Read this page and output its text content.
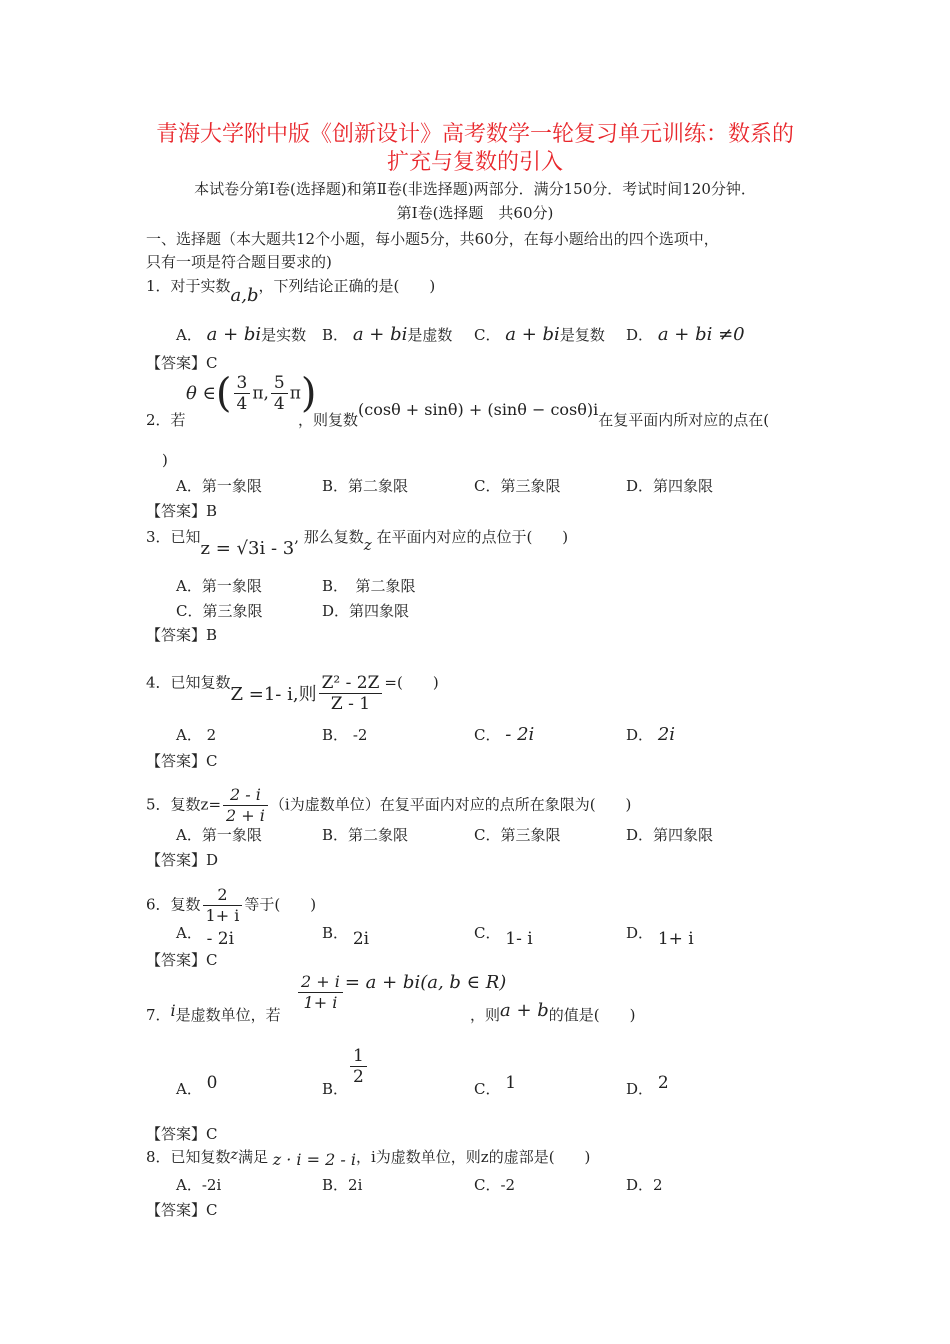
青海大学附中版《创新设计》高考数学一轮复习单元训练：数系的
扩充与复数的引入
本试卷分第Ⅰ卷(选择题)和第Ⅱ卷(非选择题)两部分．满分150分．考试时间120分钟．
第Ⅰ卷(选择题　共60分)
一、选择题（本大题共12个小题，每小题5分，共60分，在每小题给出的四个选项中，
只有一项是符合题目要求的)
1．对于实数a,b，下列结论正确的是(　　)
A． a + bi是实数 B． a + bi是虚数 C． a + bi是复数 D． a + bi ≠0
【答案】C
2．若
θ ∈( $\frac{3}{4} \pi$, $\frac{5}{4} \pi$)
，则复数(cosθ + sinθ) + (sinθ − cosθ)i在复平面内所对应的点在(
)
A．第一象限	B．第二象限	C．第三象限	D．第四象限
【答案】B
3．已知z = √3i - 3, 那么复数z 在平面内对应的点位于(　　)
A．第一象限	B．　第二象限
C．第三象限	D．第四象限
【答案】B
4．已知复数Z =1- i,则 $\frac{\text{Z² - 2Z}}{Z - 1}$ =(　　)
A． 2	B． -2	C． - 2i	D． 2i
【答案】C
5．复数$z= \frac{2 - i}{2 + i} (i$为虚数单位）在复平面内对应的点所在象限为(　　)
A．第一象限	B．第二象限	C．第三象限	D．第四象限
【答案】D
6．复数 $\frac{2}{1+ i}$ 等于(　　)
A． - 2i	B． 2i	C． 1- i	D． 1+ i
【答案】C
7．i是虚数单位，若
$\frac{2 + i}{1+ i} = a + bi(a$, b ∈ R)
，则a + b的值是(　　)
A． 0	B．
$\frac{1}{2}$
C． 1	D． 2
【答案】C
8．已知复数z满足 z · i = 2 - i，i为虚数单位，则z的虚部是(　　)
A．-2i	B．2i	C．-2	D．2
【答案】C
